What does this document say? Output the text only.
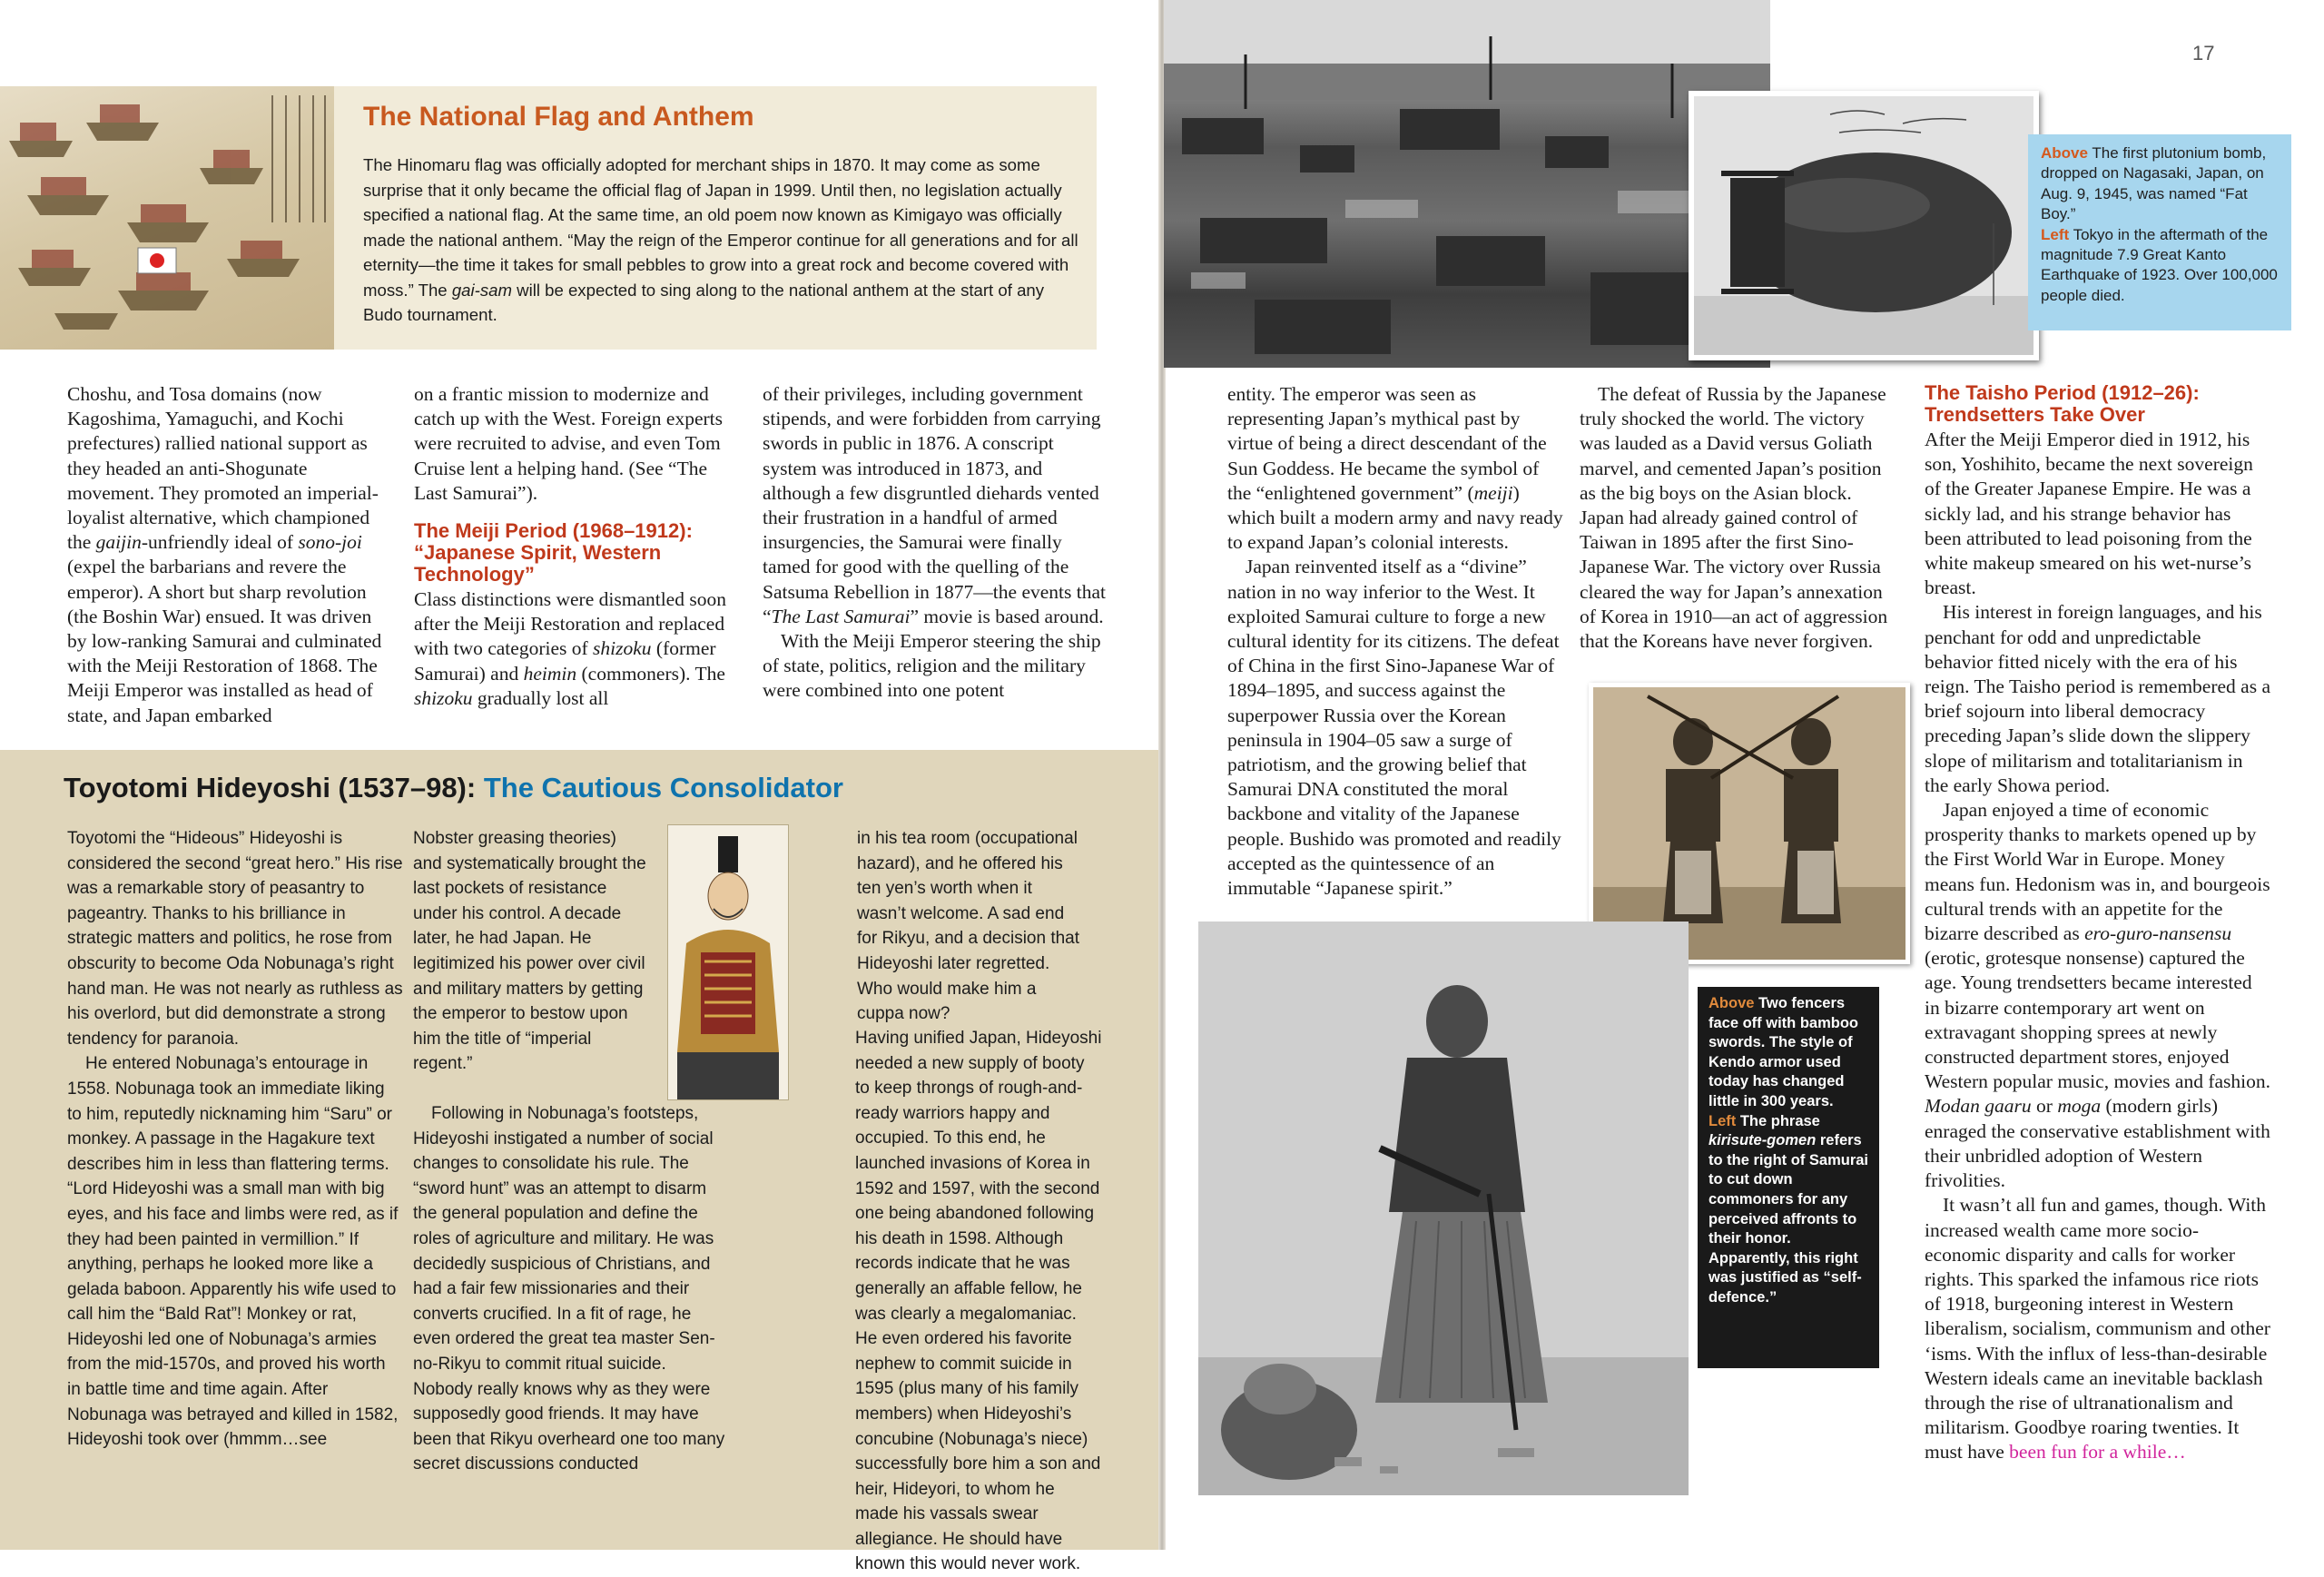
The National Flag and Anthem
The Hinomaru flag was officially adopted for merchant ships in 1870. It may come as some surprise that it only became the official flag of Japan in 1999. Until then, no legislation actually specified a national flag. At the same time, an old poem now known as Kimigayo was officially made the national anthem. “May the reign of the Emperor continue for all generations and for all eternity—the time it takes for small pebbles to grow into a great rock and become covered with moss.” The gai-sam will be expected to sing along to the national anthem at the start of any Budo tournament.

Choshu, and Tosa domains (now Kagoshima, Yamaguchi, and Kochi prefectures) rallied national support as they headed an anti-Shogunate movement. They promoted an imperial-loyalist alternative, which championed the gaijin-unfriendly ideal of sono-joi (expel the barbarians and revere the emperor). A short but sharp revolution (the Boshin War) ensued. It was driven by low-ranking Samurai and culminated with the Meiji Restoration of 1868. The Meiji Emperor was installed as head of state, and Japan embarked

on a frantic mission to modernize and catch up with the West. Foreign experts were recruited to advise, and even Tom Cruise lent a helping hand. (See “The Last Samurai”).

The Meiji Period (1968–1912): “Japanese Spirit, Western Technology”

Class distinctions were dismantled soon after the Meiji Restoration and replaced with two categories of shizoku (former Samurai) and heimin (commoners). The shizoku gradually lost all

of their privileges, including government stipends, and were forbidden from carrying swords in public in 1876. A conscript system was introduced in 1873, and although a few disgruntled diehards vented their frustration in a handful of armed insurgencies, the Samurai were finally tamed for good with the quelling of the Satsuma Rebellion in 1877—the events that “The Last Samurai” movie is based around.

With the Meiji Emperor steering the ship of state, politics, religion and the military were combined into one potent

Toyotomi Hideyoshi (1537–98): The Cautious Consolidator

Toyotomi the “Hideous” Hideyoshi is considered the second “great hero.” His rise was a remarkable story of peasantry to pageantry. Thanks to his brilliance in strategic matters and politics, he rose from obscurity to become Oda Nobunaga’s right hand man. He was not nearly as ruthless as his overlord, but did demonstrate a strong tendency for paranoia.

He entered Nobunaga’s entourage in 1558. Nobunaga took an immediate liking to him, reputedly nicknaming him “Saru” or monkey. A passage in the Hagakure text describes him in less than flattering terms. “Lord Hideyoshi was a small man with big eyes, and his face and limbs were red, as if they had been painted in vermillion.” If anything, perhaps he looked more like a gelada baboon. Apparently his wife used to call him the “Bald Rat”! Monkey or rat, Hideyoshi led one of Nobunaga’s armies from the mid-1570s, and proved his worth in battle time and time again. After Nobunaga was betrayed and killed in 1582, Hideyoshi took over (hmmm…see

Nobster greasing theories) and systematically brought the last pockets of resistance under his control. A decade later, he had Japan. He legitimized his power over civil and military matters by getting the emperor to bestow upon him the title of “imperial regent.”

Following in Nobunaga’s footsteps, Hideyoshi instigated a number of social changes to consolidate his rule. The “sword hunt” was an attempt to disarm the general population and define the roles of agriculture and military. He was decidedly suspicious of Christians, and had a fair few missionaries and their converts crucified. In a fit of rage, he even ordered the great tea master Sen-no-Rikyu to commit ritual suicide. Nobody really knows why as they were supposedly good friends. It may have been that Rikyu overheard one too many secret discussions conducted

in his tea room (occupational hazard), and he offered his ten yen’s worth when it wasn’t welcome. A sad end for Rikyu, and a decision that Hideyoshi later regretted. Who would make him a cuppa now?

Having unified Japan, Hideyoshi needed a new supply of booty to keep throngs of rough-and-ready warriors happy and occupied. To this end, he launched invasions of Korea in 1592 and 1597, with the second one being abandoned following his death in 1598. Although records indicate that he was generally an affable fellow, he was clearly a megalomaniac. He even ordered his favorite nephew to commit suicide in 1595 (plus many of his family members) when Hideyoshi’s concubine (Nobunaga’s niece) successfully bore him a son and heir, Hideyori, to whom he made his vassals swear allegiance. He should have known this would never work.

Above The first plutonium bomb, dropped on Nagasaki, Japan, on Aug. 9, 1945, was named “Fat Boy.”
Left Tokyo in the aftermath of the magnitude 7.9 Great Kanto Earthquake of 1923. Over 100,000 people died.
17

entity. The emperor was seen as representing Japan’s mythical past by virtue of being a direct descendant of the Sun Goddess. He became the symbol of the “enlightened government” (meiji) which built a modern army and navy ready to expand Japan’s colonial interests.

Japan reinvented itself as a “divine” nation in no way inferior to the West. It exploited Samurai culture to forge a new cultural identity for its citizens. The defeat of China in the first Sino-Japanese War of 1894–1895, and success against the superpower Russia over the Korean peninsula in 1904–05 saw a surge of patriotism, and the growing belief that Samurai DNA constituted the moral backbone and vitality of the Japanese people. Bushido was promoted and readily accepted as the quintessence of an immutable “Japanese spirit.”

The defeat of Russia by the Japanese truly shocked the world. The victory was lauded as a David versus Goliath marvel, and cemented Japan’s position as the big boys on the Asian block. Japan had already gained control of Taiwan in 1895 after the first Sino-Japanese War. The victory over Russia cleared the way for Japan’s annexation of Korea in 1910—an act of aggression that the Koreans have never forgiven.

The Taisho Period (1912–26):
Trendsetters Take Over

After the Meiji Emperor died in 1912, his son, Yoshihito, became the next sovereign of the Greater Japanese Empire. He was a sickly lad, and his strange behavior has been attributed to lead poisoning from the white makeup smeared on his wet-nurse’s breast.

His interest in foreign languages, and his penchant for odd and unpredictable behavior fitted nicely with the era of his reign. The Taisho period is remembered as a brief sojourn into liberal democracy preceding Japan’s slide down the slippery slope of militarism and totalitarianism in the early Showa period.

Japan enjoyed a time of economic prosperity thanks to markets opened up by the First World War in Europe. Money means fun. Hedonism was in, and bourgeois cultural trends with an appetite for the bizarre described as ero-guro-nansensu (erotic, grotesque nonsense) captured the age. Young trendsetters became interested in bizarre contemporary art went on extravagant shopping sprees at newly constructed department stores, enjoyed Western popular music, movies and fashion. Modan gaaru or moga (modern girls) enraged the conservative establishment with their unbridled adoption of Western frivolities.

It wasn’t all fun and games, though. With increased wealth came more socio-economic disparity and calls for worker rights. This sparked the infamous rice riots of 1918, burgeoning interest in Western liberalism, socialism, communism and other ‘isms. With the influx of less-than-desirable Western ideals came an inevitable backlash through the rise of ultranationalism and militarism. Goodbye roaring twenties. It must have been fun for a while…

Above Two fencers face off with bamboo swords. The style of Kendo armor used today has changed little in 300 years.
Left The phrase kirisute-gomen refers to the right of Samurai to cut down commoners for any perceived affronts to their honor. Apparently, this right was justified as “self-defence.”
